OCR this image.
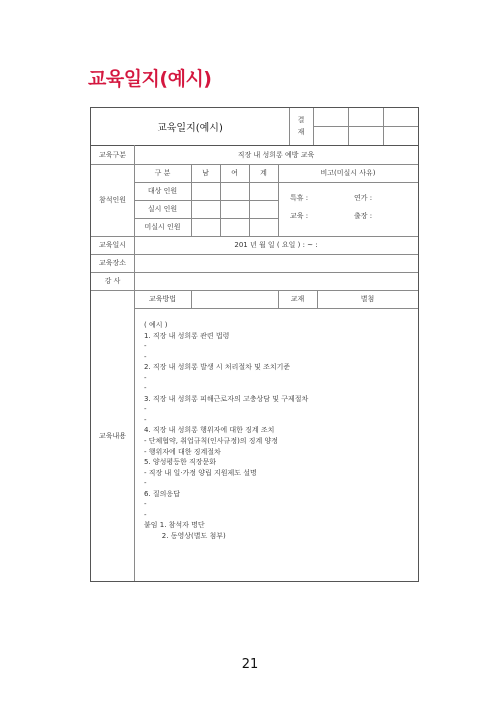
교육일지(예시)
교육일지(예시)
결
재
교육구분	직장 내 성희롱 예방 교육
참석인원
구 분	남	여	계	비고(미실시 사유)
대상 인원
실시 인원
미실시 인원
특휴 :	연가 :
교육 :	출장 :
교육일시	201 년 월 일 ( 요일 ) : ~ :
교육장소
강 사
교육방법	교재	별첨
교육내용
( 예시 )
1. 직장 내 성희롱 관련 법령
-
-
2. 직장 내 성희롱 발생 시 처리절차 및 조치기준
-
-
3. 직장 내 성희롱 피해근로자의 고충상담 및 구제절차
-
-
4. 직장 내 성희롱 행위자에 대한 징계 조치
- 단체협약, 취업규칙(인사규정)의 징계 양정
- 행위자에 대한 징계절차
5. 양성평등한 직장문화
- 직장 내 일·가정 양립 지원제도 설명
-
6. 질의응답
-
-
붙임 1. 참석자 명단
2. 동영상(별도 첨부)
21
